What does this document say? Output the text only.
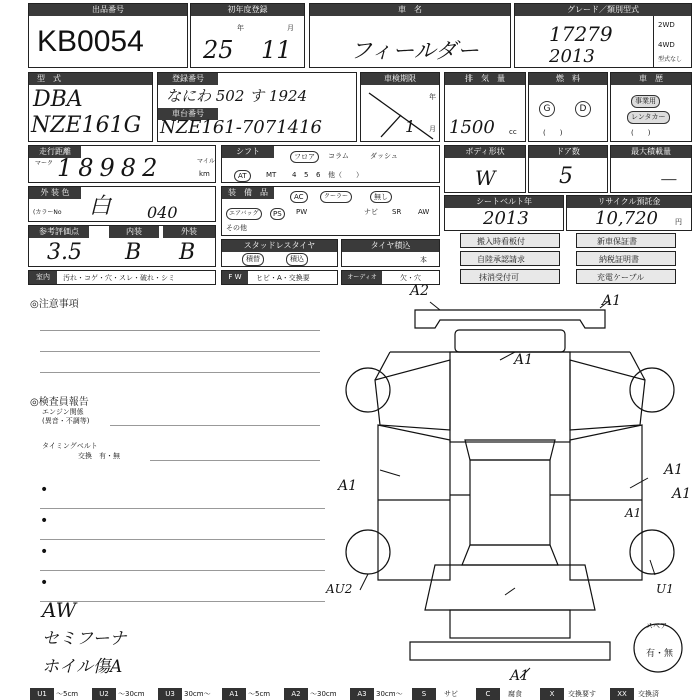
出品番号
KB0054
初年度登録
年	月
25 11
車　名
フィールダー
グレード／類別型式
17279
2013
2WD
4WD
型式なし
型　式
DBA
NZE161G
登録番号
なにわ 502 す 1924
車台番号
NZE161-7071416
車検期限
年
月
1
排　気　量
1500 cc
燃　料
G	D
(　　)
車　歴
事業用
レンタカー
(　　)
走行距離
マーク 18982	マイル
km
シフト
フロア	コラム	ダッシュ
AT	MT 4 5 6 他（　　）
ボディ形状
W
ドア数
5
最大積載量
－
外 装 色
(カラーNo 白 040
装　備　品	AC	クーラー	無し
エアバッグ	PS	PW	ナビ SR AW
その他
シートベルト年
2013
リサイクル預託金
10,720 円
参考評価点	内装	外装
3.5 B B	スタッドレスタイヤ
積替	積込
タイヤ積込
本
搬入時看板付	新車保証書
自陸承認請求	納税証明書
抹消受付可	充電ケーブル
室内	汚れ・コゲ・穴・スレ・破れ・シミ	F W	ヒビ・A・交換要	オーディオ	欠・穴
◎注意事項
◎検査員報告
エンジン関係
(異音・不調等)
タイミングベルト
交換　有・無
•
•
•
•
AW
セミフーナ
ホイル傷A
A2
A1
A1
A1
A1	A1
A1
AU2	U1
A1
スペア
有・無
U1	～5cm	U2	～30cm	U3	30cm～	A1	～5cm	A2	～30cm	A3	30cm～	S	サビ	C	腐食	X	交換要す	XX	交換済
